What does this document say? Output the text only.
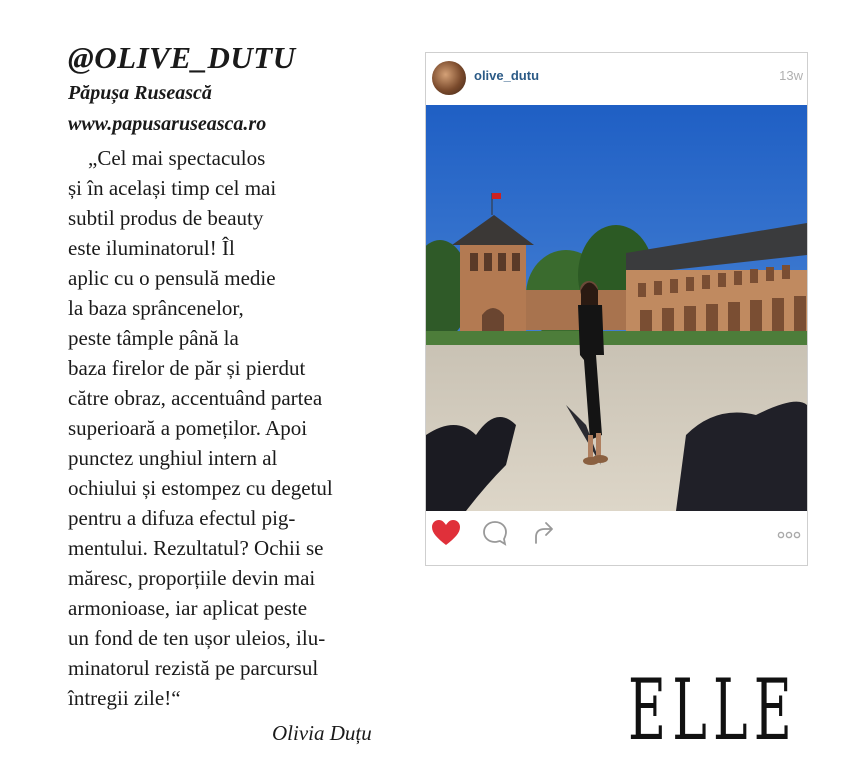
@OLIVE_DUTU
Păpușa Rusească
www.papusaruseasca.ro
„Cel mai spectaculos
și în același timp cel mai
subtil produs de beauty
este iluminatorul! Îl
aplic cu o pensulă medie
la baza sprâncenelor,
peste tâmple până la
baza firelor de păr și pierdut
către obraz, accentuând partea
superioară a pomeților. Apoi
punctez unghiul intern al
ochiului și estompez cu degetul
pentru a difuza efectul pig-
mentului. Rezultatul? Ochii se
măresc, proporțiile devin mai
armonioase, iar aplicat peste
un fond de ten ușor uleios, ilu-
minatorul rezistă pe parcursul
întregii zile!“
Olivia Duțu
olive_dutu	13w
ELLE
